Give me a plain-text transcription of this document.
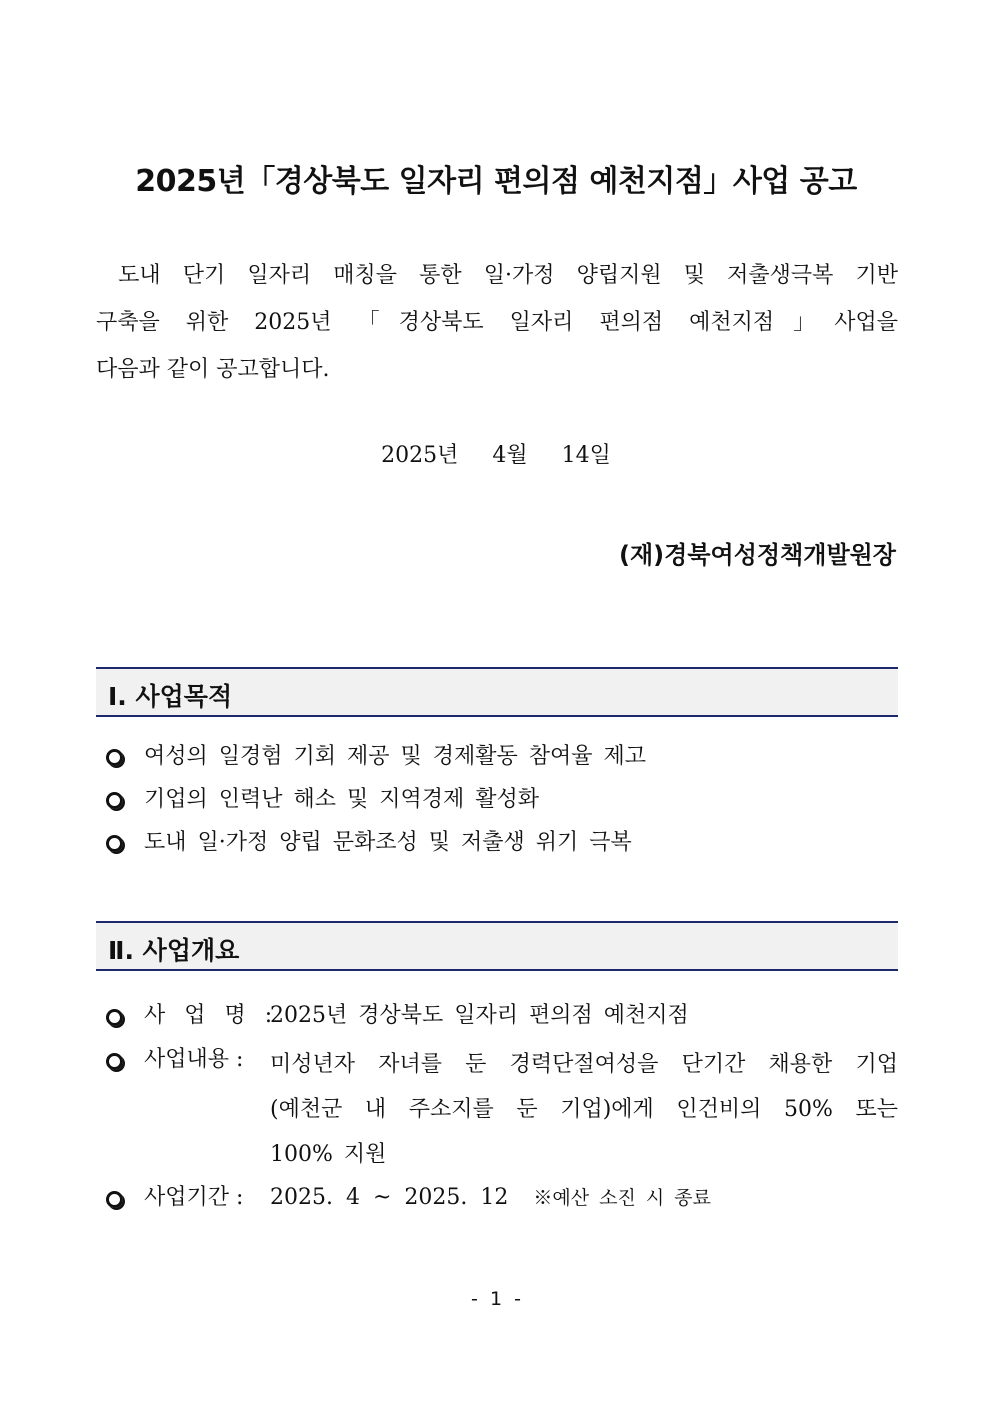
2025년「경상북도 일자리 편의점 예천지점」사업 공고

도내 단기 일자리 매칭을 통한 일·가정 양립지원 및 저출생극복 기반

구축을 위한 2025년 「경상북도 일자리 편의점 예천지점」사업을

다음과 같이 공고합니다.

2025년  4월  14일
(재)경북여성정책개발원장
Ⅰ. 사업목적
여성의 일경험 기회 제공 및 경제활동 참여율 제고
기업의 인력난 해소 및 지역경제 활성화
도내 일·가정 양립 문화조성 및 저출생 위기 극복
Ⅱ. 사업개요
사 업 명 :
2025년 경상북도 일자리 편의점 예천지점
사업내용 : 미성년자 자녀를 둔 경력단절여성을 단기간 채용한 기업
(예천군 내 주소지를 둔 기업)에게 인건비의 50% 또는
100% 지원
사업기간 : 2025. 4 ~ 2025. 12 ※예산 소진 시 종료
- 1 -
